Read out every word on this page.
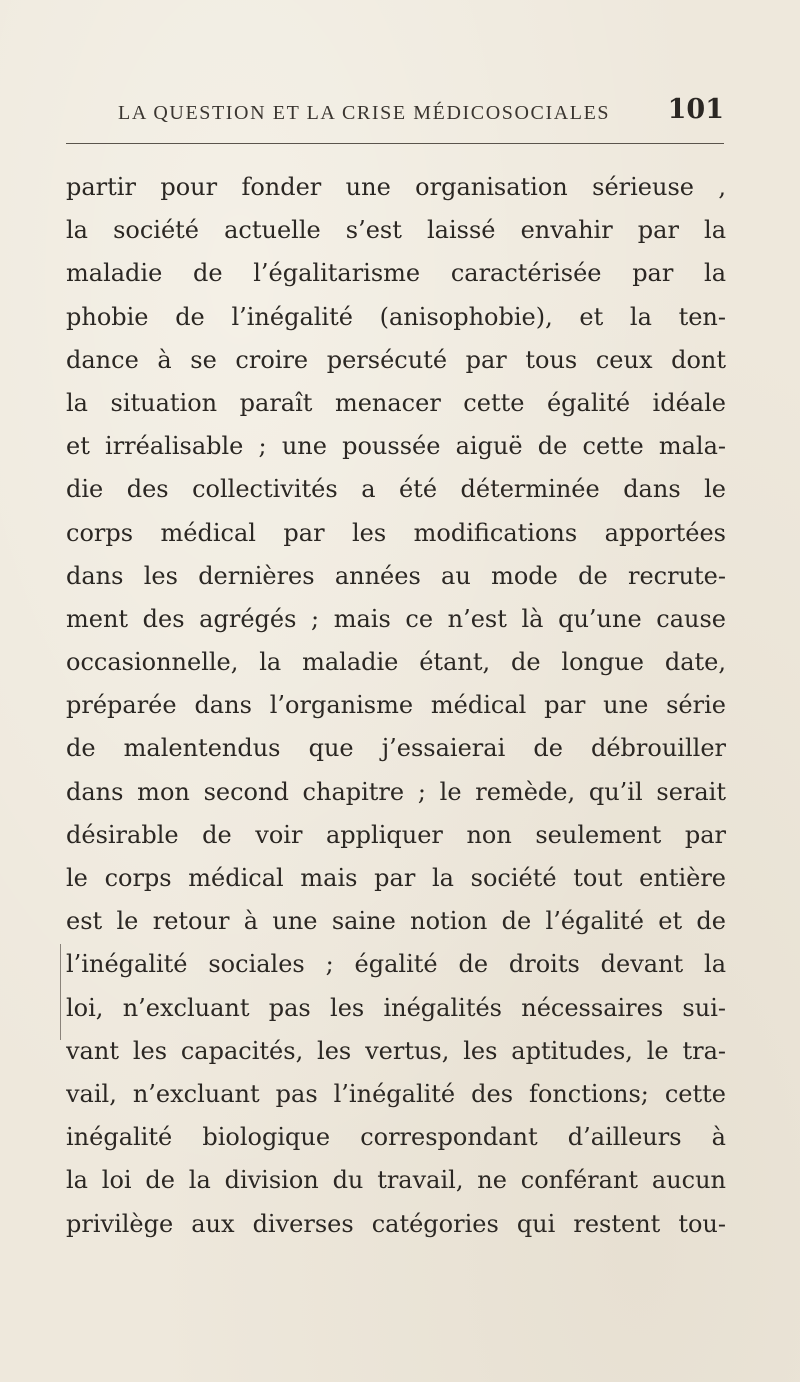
LA QUESTION ET LA CRISE MÉDICOSOCIALES 101
partir pour fonder une organisation sérieuse ,
la société actuelle s’est laissé envahir par la
maladie de l’égalitarisme caractérisée par la
phobie de l’inégalité (anisophobie), et la ten-
dance à se croire persécuté par tous ceux dont
la situation paraît menacer cette égalité idéale
et irréalisable ; une poussée aiguë de cette mala-
die des collectivités a été déterminée dans le
corps médical par les modifications apportées
dans les dernières années au mode de recrute-
ment des agrégés ; mais ce n’est là qu’une cause
occasionnelle, la maladie étant, de longue date,
préparée dans l’organisme médical par une série
de malentendus que j’essaierai de débrouiller
dans mon second chapitre ; le remède, qu’il serait
désirable de voir appliquer non seulement par
le corps médical mais par la société tout entière
est le retour à une saine notion de l’égalité et de
l’inégalité sociales ; égalité de droits devant la
loi, n’excluant pas les inégalités nécessaires sui-
vant les capacités, les vertus, les aptitudes, le tra-
vail, n’excluant pas l’inégalité des fonctions; cette
inégalité biologique correspondant d’ailleurs à
la loi de la division du travail, ne conférant aucun
privilège aux diverses catégories qui restent tou-
